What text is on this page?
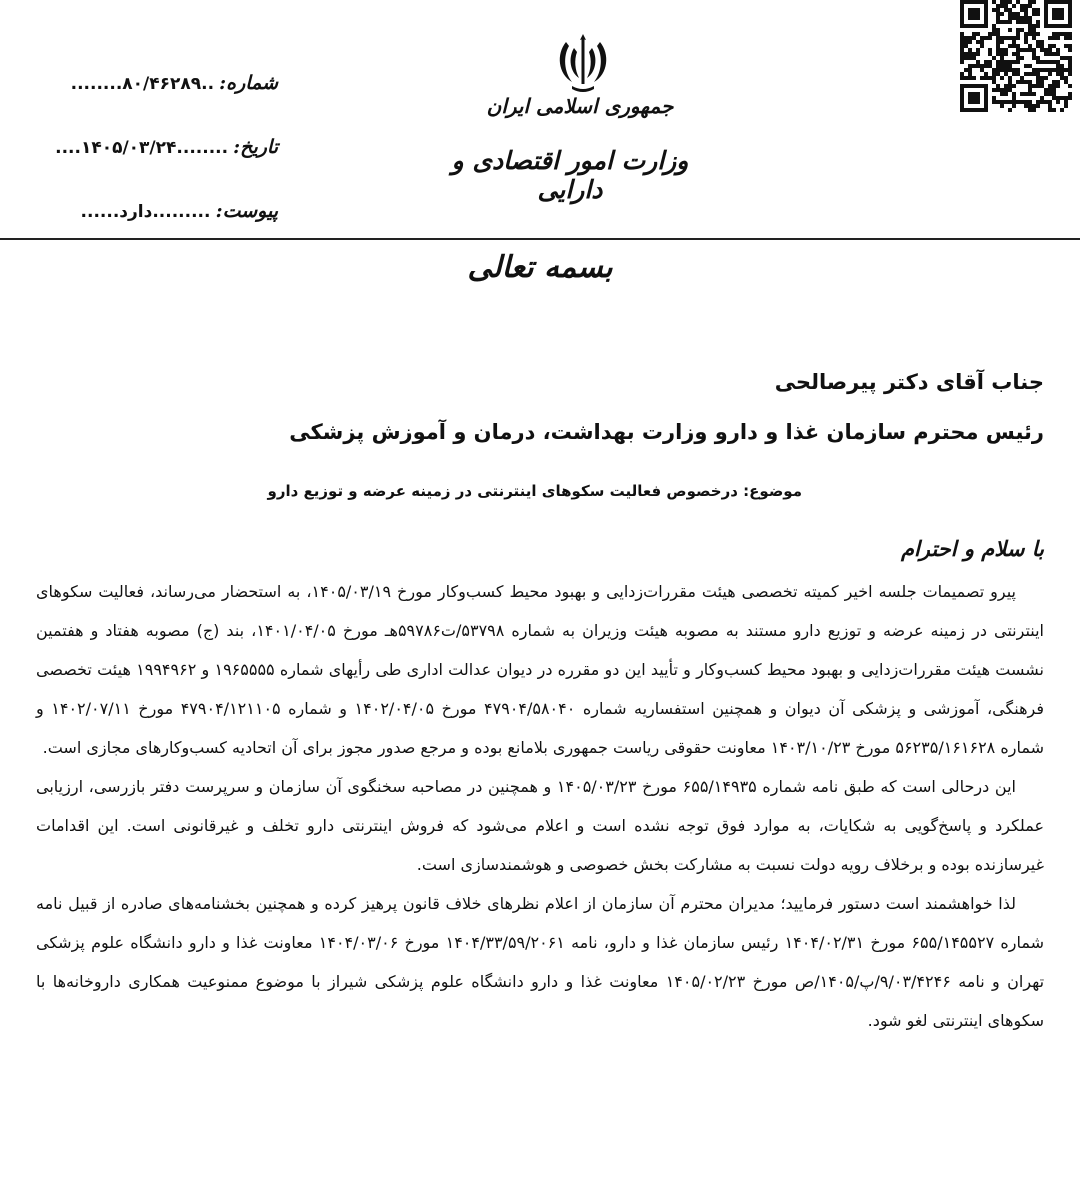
شماره: ..۸۰/۴۶۲۸۹........
تاریخ: ........۱۴۰۵/۰۳/۲۴....
پیوست: .........دارد......
جمهوری اسلامی ایران
وزارت امور اقتصادی و دارایی
بسمه تعالی
جناب آقای دکتر پیرصالحی
رئیس محترم سازمان غذا و دارو وزارت بهداشت، درمان و آموزش پزشکی
موضوع: درخصوص فعالیت سکوهای اینترنتی در زمینه عرضه و توزیع دارو
با سلام و احترام

پیرو تصمیمات جلسه اخیر کمیته تخصصی هیئت مقررات‌زدایی و بهبود محیط کسب‌وکار مورخ ۱۴۰۵/۰۳/۱۹، به استحضار می‌رساند، فعالیت سکوهای اینترنتی در زمینه عرضه و توزیع دارو مستند به مصوبه هیئت وزیران به شماره ۵۳۷۹۸/ت۵۹۷۸۶هـ مورخ ۱۴۰۱/۰۴/۰۵، بند (ج) مصوبه هفتاد و هفتمین نشست هیئت مقررات‌زدایی و بهبود محیط کسب‌وکار و تأیید این دو مقرره در دیوان عدالت اداری طی رأیهای شماره ۱۹۶۵۵۵۵ و ۱۹۹۴۹۶۲ هیئت تخصصی فرهنگی، آموزشی و پزشکی آن دیوان و همچنین استفساریه شماره ۴۷۹۰۴/۵۸۰۴۰ مورخ ۱۴۰۲/۰۴/۰۵ و شماره ۴۷۹۰۴/۱۲۱۱۰۵ مورخ ۱۴۰۲/۰۷/۱۱ و شماره ۵۶۲۳۵/۱۶۱۶۲۸ مورخ ۱۴۰۳/۱۰/۲۳ معاونت حقوقی ریاست جمهوری بلامانع بوده و مرجع صدور مجوز برای آن اتحادیه کسب‌وکارهای مجازی است.

این درحالی است که طبق نامه شماره ۶۵۵/۱۴۹۳۵ مورخ ۱۴۰۵/۰۳/۲۳ و همچنین در مصاحبه سخنگوی آن سازمان و سرپرست دفتر بازرسی، ارزیابی عملکرد و پاسخ‌گویی به شکایات، به موارد فوق توجه نشده است و اعلام می‌شود که فروش اینترنتی دارو تخلف و غیرقانونی است. این اقدامات غیرسازنده بوده و برخلاف رویه دولت نسبت به مشارکت بخش خصوصی و هوشمندسازی است.

لذا خواهشمند است دستور فرمایید؛ مدیران محترم آن سازمان از اعلام نظرهای خلاف قانون پرهیز کرده و همچنین بخشنامه‌های صادره از قبیل نامه شماره ۶۵۵/۱۴۵۵۲۷ مورخ ۱۴۰۴/۰۲/۳۱ رئیس سازمان غذا و دارو، نامه ۱۴۰۴/۳۳/۵۹/۲۰۶۱ مورخ ۱۴۰۴/۰۳/۰۶ معاونت غذا و دارو دانشگاه علوم پزشکی تهران و نامه ۹/۰۳/۴۲۴۶/پ/۱۴۰۵/ص مورخ ۱۴۰۵/۰۲/۲۳ معاونت غذا و دارو دانشگاه علوم پزشکی شیراز با موضوع ممنوعیت همکاری داروخانه‌ها با سکوهای اینترنتی لغو شود.
